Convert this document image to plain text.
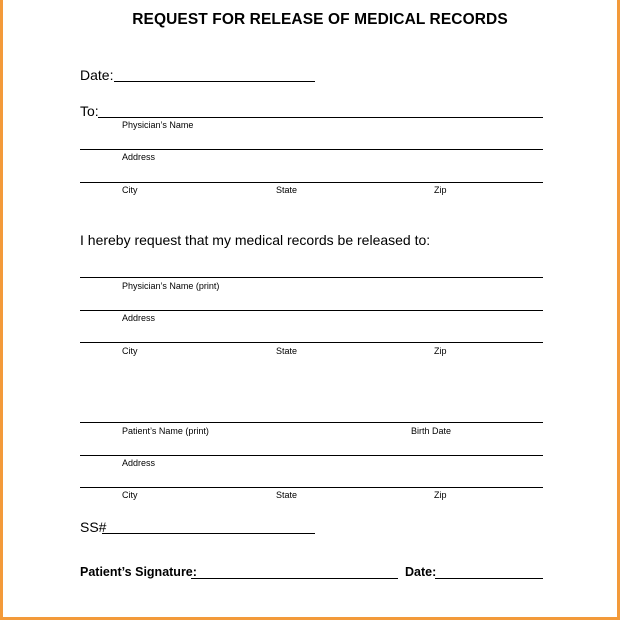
REQUEST FOR RELEASE OF MEDICAL RECORDS
Date:
To:
Physician’s Name
Address
City	State	Zip
I hereby request that my medical records be released to:
Physician’s Name (print)
Address
City	State	Zip
Patient’s Name (print)	Birth Date
Address
City	State	Zip
SS#
Patient’s Signature:	Date:
